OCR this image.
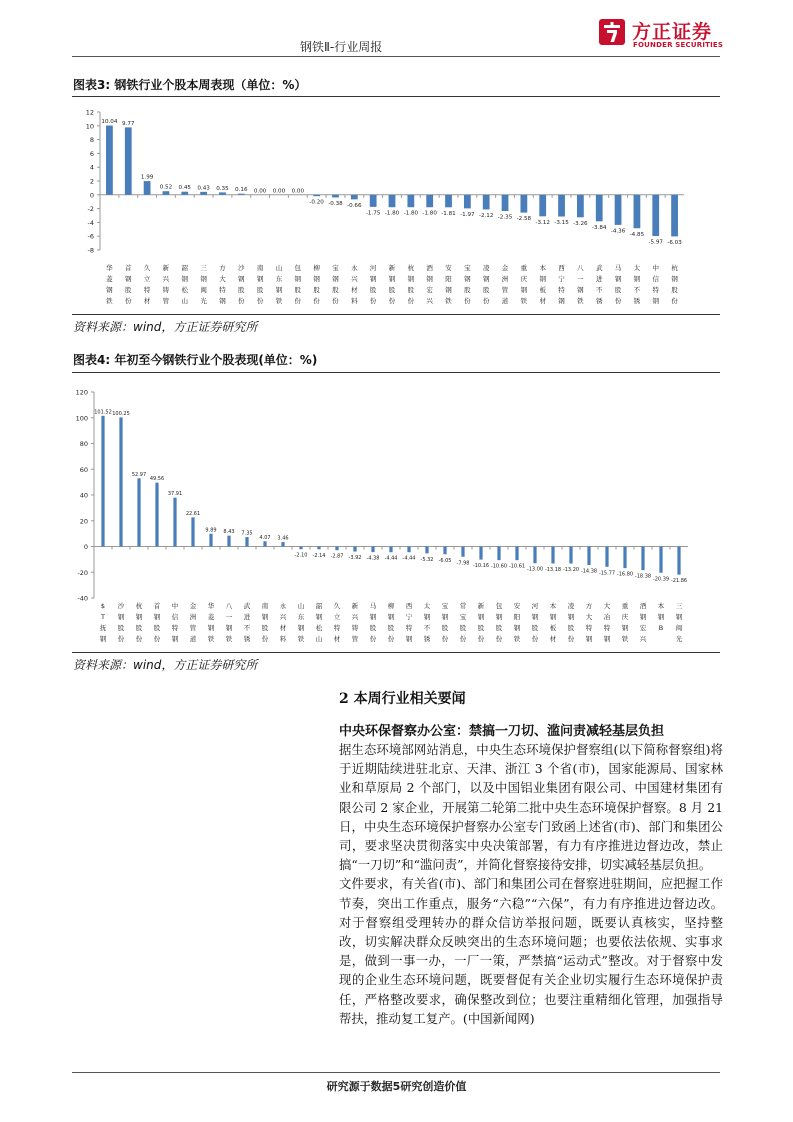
钢铁Ⅱ-行业周报
方正证券
FOUNDER SECURITIES
图表3: 钢铁行业个股本周表现（单位：%）
-8
-6
-4
-2
0
2
4
6
8
10
12
10.04
华菱钢铁
9.77
首钢股份
1.99
久立特材
0.52
新兴铸管
0.45
韶钢松山
0.43
三钢闽光
0.35
方大特钢
0.16
沙钢股份
0.00
南钢股份
0.00
山东钢铁
0.00
包钢股份
-0.20
柳钢股份
-0.38
宝钢股份
-0.66
永兴材料
-1.75
河钢股份
-1.80
新钢股份
-1.80
杭钢股份
-1.80
酒钢宏兴
-1.81
安阳钢铁
-1.97
宝钢股份
-2.12
凌钢股份
-2.35
金洲管道
-2.58
重庆钢铁
-3.12
本钢板材
-3.15
西宁特钢
-3.26
八一钢铁
-3.84
武进不锈
-4.36
马钢股份
-4.85
太钢不锈
-5.97
中信特钢
-6.03
杭钢股份
资料来源：wind，方正证券研究所
图表4: 年初至今钢铁行业个股表现(单位：%)
-40
-20
0
20
40
60
80
100
120
101.52
$ T 抚钢
100.25
沙钢股份
52.97
杭钢股份
49.56
首钢股份
37.91
中信特钢
22.61
金洲管道
9.89
华菱钢铁
8.43
八一钢铁
7.35
武进不锈
4.07
南钢股份
3.46
永兴材料
-2.10
山东钢铁
-2.14
韶钢松山
-2.87
久立特材
-3.92
新兴铸管
-4.38
马钢股份
-4.44
柳钢股份
-4.44
西宁特钢
-5.32
太钢不锈
-6.05
宝钢股份
-7.98
常宝股份
-10.16
新钢股份
-10.60
包钢股份
-10.61
安阳钢铁
-13.00
河钢股份
-13.18
本钢板材
-13.20
凌钢股份
-14.38
方大特钢
-15.77
大冶特钢
-16.80
重庆钢铁
-18.38
酒钢宏兴
-20.39
本钢 B
-21.86
三钢闽光
资料来源：wind，方正证券研究所
2 本周行业相关要闻
中央环保督察办公室：禁搞一刀切、滥问责减轻基层负担

据生态环境部网站消息，中央生态环境保护督察组(以下简称督察组)将于近期陆续进驻北京、天津、浙江 3 个省(市)，国家能源局、国家林业和草原局 2 个部门，以及中国铝业集团有限公司、中国建材集团有限公司 2 家企业，开展第二轮第二批中央生态环境保护督察。8 月 21 日，中央生态环境保护督察办公室专门致函上述省(市)、部门和集团公司，要求坚决贯彻落实中央决策部署，有力有序推进边督边改，禁止搞“一刀切”和“滥问责”，并简化督察接待安排，切实减轻基层负担。

文件要求，有关省(市)、部门和集团公司在督察进驻期间，应把握工作节奏，突出工作重点，服务“六稳”“六保”，有力有序推进边督边改。对于督察组受理转办的群众信访举报问题，既要认真核实，坚持整改，切实解决群众反映突出的生态环境问题；也要依法依规、实事求是，做到一事一办，一厂一策，严禁搞“运动式”整改。对于督察中发现的企业生态环境问题，既要督促有关企业切实履行生态环境保护责任，严格整改要求，确保整改到位；也要注重精细化管理，加强指导帮扶，推动复工复产。(中国新闻网)

研究源于数据5研究创造价值
